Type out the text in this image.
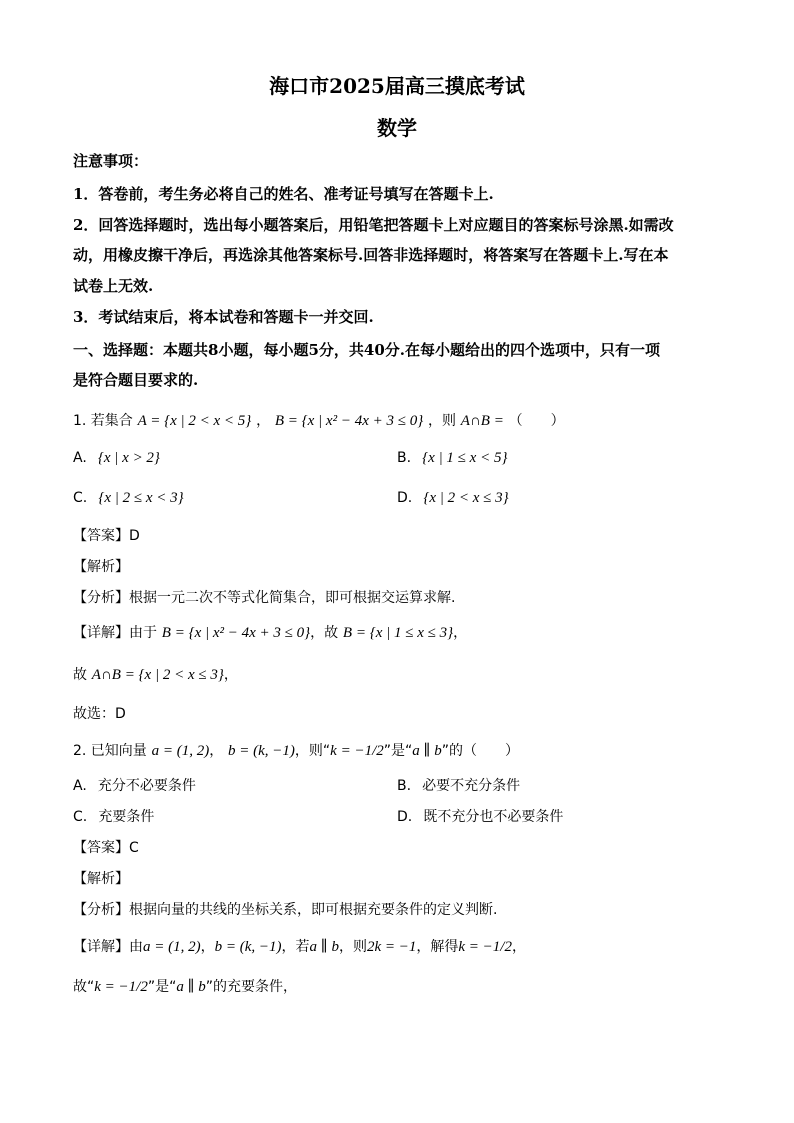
海口市2025届高三摸底考试
数学
注意事项：
1．答卷前，考生务必将自己的姓名、准考证号填写在答题卡上.
2．回答选择题时，选出每小题答案后，用铅笔把答题卡上对应题目的答案标号涂黑.如需改
动，用橡皮擦干净后，再选涂其他答案标号.回答非选择题时，将答案写在答题卡上.写在本
试卷上无效.
3．考试结束后，将本试卷和答题卡一并交回.
一、选择题：本题共8小题，每小题5分，共40分.在每小题给出的四个选项中，只有一项
是符合题目要求的.
1. 若集合 A = {x | 2 < x < 5} ， B = {x | x² − 4x + 3 ≤ 0} ，则 A∩B = （　　）
A. {x | x > 2}	B. {x | 1 ≤ x < 5}
C. {x | 2 ≤ x < 3}	D. {x | 2 < x ≤ 3}
【答案】D
【解析】
【分析】根据一元二次不等式化简集合，即可根据交运算求解.
【详解】由于 B = {x | x² − 4x + 3 ≤ 0}，故 B = {x | 1 ≤ x ≤ 3}，
故 A∩B = {x | 2 < x ≤ 3}，
故选：D
2. 已知向量 a = (1, 2)， b = (k, −1)，则“k = −1/2”是“a ∥ b”的（　　）
A. 充分不必要条件	B. 必要不充分条件
C. 充要条件	D. 既不充分也不必要条件
【答案】C
【解析】
【分析】根据向量的共线的坐标关系，即可根据充要条件的定义判断.
【详解】由a = (1, 2)，b = (k, −1)，若a ∥ b，则2k = −1，解得k = −1/2，
故“k = −1/2”是“a ∥ b”的充要条件，
